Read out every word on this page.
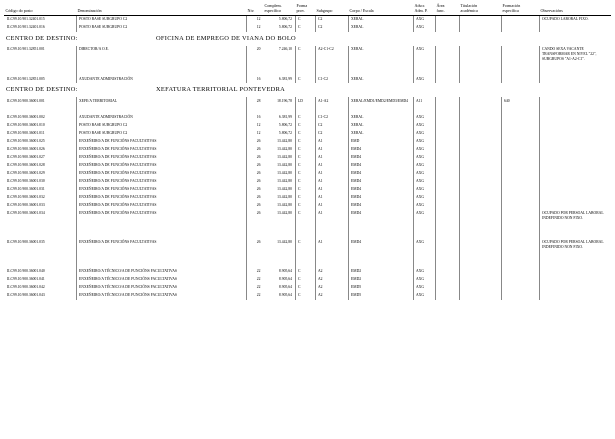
			Complem.	Forma			Adscr.	Área	Titulación	Formación	
Código do posto	Denominación	Niv.	específico	prov.	Subgrupo	Corpo / Escala	Adm. P.	func.	académica	específica	Observacións

ILC99.10.901.32401.015	POSTO BASE SUBGRUPO C2	12	5.806,72	C	C2	XERAL	AXG				OCUPADO LABORAL FIXO.

ILC99.10.901.32401.016	POSTO BASE SUBGRUPO C2	12	5.806,72	C	C2	XERAL	AXG				

CENTRO DE DESTINO: OFICINA DE EMPREGO DE VIANA DO BOLO											

ILC99.10.901.32851.001	DIRECTOR/A O.E.	20	7.246,10	C	A2-C1-C2	XERAL	AXG				CANDO SEXA VACANTE TRANSFORMAR EN NIVEL "22", SUBGRUPOS "A1-A2-C1".

ILC99.10.901.32851.005	AXUDANTE ADMINISTRACIÓN	16	6.381,99	C	C1-C2	XERAL	AXG				

CENTRO DE DESTINO: XEFATURA TERRITORIAL PONTEVEDRA											

ILC99.10.900.36001.001	XEFE/A TERRITORIAL	28	18.196,78	LD	A1-A2	XERAL/EMD1/EMD2/EMD3/EMD4	A11			640	

ILC99.10.900.36001.002	AXUDANTE ADMINISTRACIÓN	16	6.381,99	C	C1-C2	XERAL	AXG				

ILC99.10.900.36001.010	POSTO BASE SUBGRUPO C2	12	5.806,72	C	C2	XERAL	AXG				

ILC99.10.900.36001.011	POSTO BASE SUBGRUPO C2	12	5.806,72	C	C2	XERAL	AXG				

ILC99.10.900.36001.025	ENXEÑEIRO/A DE FUNCIÓNS FACULTATIVAS	26	13.442,80	C	A1	EMD	AXG				

ILC99.10.900.36001.026	ENXEÑEIRO/A DE FUNCIÓNS FACULTATIVAS	26	13.442,80	C	A1	EMD4	AXG				

ILC99.10.900.36001.027	ENXEÑEIRO/A DE FUNCIÓNS FACULTATIVAS	26	13.442,80	C	A1	EMD4	AXG				

ILC99.10.900.36001.028	ENXEÑEIRO/A DE FUNCIÓNS FACULTATIVAS	26	13.442,80	C	A1	EMD4	AXG				

ILC99.10.900.36001.029	ENXEÑEIRO/A DE FUNCIÓNS FACULTATIVAS	26	13.442,80	C	A1	EMD4	AXG				

ILC99.10.900.36001.030	ENXEÑEIRO/A DE FUNCIÓNS FACULTATIVAS	26	13.442,80	C	A1	EMD4	AXG				

ILC99.10.900.36001.031	ENXEÑEIRO/A DE FUNCIÓNS FACULTATIVAS	26	13.442,80	C	A1	EMD4	AXG				

ILC99.10.900.36001.032	ENXEÑEIRO/A DE FUNCIÓNS FACULTATIVAS	26	13.442,80	C	A1	EMD4	AXG				

ILC99.10.900.36001.033	ENXEÑEIRO/A DE FUNCIÓNS FACULTATIVAS	26	13.442,80	C	A1	EMD4	AXG				

ILC99.10.900.36001.034	ENXEÑEIRO/A DE FUNCIÓNS FACULTATIVAS	26	13.442,80	C	A1	EMD4	AXG				OCUPADO POR PERSOAL LABORAL INDEFINIDO NON FIXO.

ILC99.10.900.36001.035	ENXEÑEIRO/A DE FUNCIÓNS FACULTATIVAS	26	13.442,80	C	A1	EMD4	AXG				OCUPADO POR PERSOAL LABORAL INDEFINIDO NON FIXO.

ILC99.10.900.36001.040	ENXEÑEIRO/A TÉCNICO/A DE FUNCIÓNS FACULTATIVAS	22	8.905,64	C	A2	EMD2	AXG				

ILC99.10.900.36001.041	ENXEÑEIRO/A TÉCNICO/A DE FUNCIÓNS FACULTATIVAS	22	8.905,64	C	A2	EMD2	AXG				

ILC99.10.900.36001.042	ENXEÑEIRO/A TÉCNICO/A DE FUNCIÓNS FACULTATIVAS	22	8.905,64	C	A2	EMD5	AXG				

ILC99.10.900.36001.043	ENXEÑEIRO/A TÉCNICO/A DE FUNCIÓNS FACULTATIVAS	22	8.905,64	C	A2	EMD5	AXG				
